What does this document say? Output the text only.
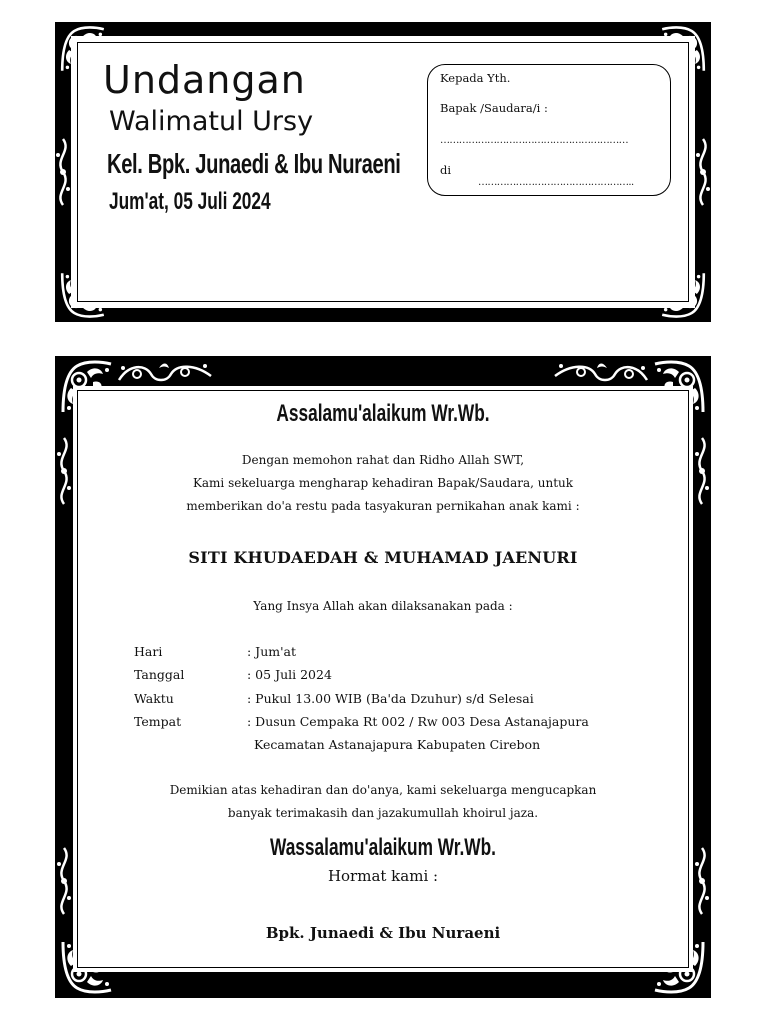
Undangan
Walimatul Ursy
Kel. Bpk. Junaedi & Ibu Nuraeni
Jum'at, 05 Juli 2024
Kepada Yth.
Bapak /Saudara/i :
……………………………………………………
di
…………………………………………..
Assalamu'alaikum Wr.Wb.
Dengan memohon rahat dan Ridho Allah SWT,
Kami sekeluarga mengharap kehadiran Bapak/Saudara, untuk
memberikan do'a restu pada tasyakuran pernikahan anak kami :
SITI KHUDAEDAH & MUHAMAD JAENURI
Yang Insya Allah akan dilaksanakan pada :
Hari	: Jum'at
Tanggal	: 05 Juli 2024
Waktu	: Pukul 13.00 WIB (Ba'da Dzuhur) s/d Selesai
Tempat	: Dusun Cempaka Rt 002 / Rw 003 Desa Astanajapura
Kecamatan Astanajapura Kabupaten Cirebon
Demikian atas kehadiran dan do'anya, kami sekeluarga mengucapkan
banyak terimakasih dan jazakumullah khoirul jaza.
Wassalamu'alaikum Wr.Wb.
Hormat kami :
Bpk. Junaedi & Ibu Nuraeni
